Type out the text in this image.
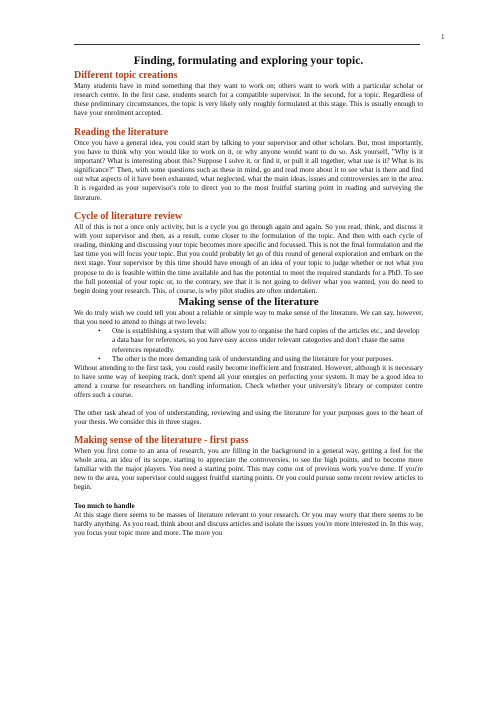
1
Finding, formulating and exploring your topic.
Different topic creations

Many students have in mind something that they want to work on; others want to work with a particular scholar or research centre. In the first case, students search for a compatible supervisor. In the second, for a topic. Regardless of these preliminary circumstances, the topic is very likely only roughly formulated at this stage. This is usually enough to have your enrolment accepted.

Reading the literature

Once you have a general idea, you could start by talking to your supervisor and other scholars. But, most importantly, you have to think why you would like to work on it, or why anyone would want to do so. Ask yourself, "Why is it important? What is interesting about this? Suppose I solve it, or find it, or pull it all together, what use is it? What is its significance?" Then, with some questions such as these in mind, go and read more about it to see what is there and find out what aspects of it have been exhausted, what neglected, what the main ideas, issues and controversies are in the area. It is regarded as your supervisor's role to direct you to the most fruitful starting point in reading and surveying the literature.

Cycle of literature review

All of this is not a once only activity, but is a cycle you go through again and again. So you read, think, and discuss it with your supervisor and then, as a result, come closer to the formulation of the topic. And then with each cycle of reading, thinking and discussing your topic becomes more specific and focussed. This is not the final formulation and the last time you will focus your topic. But you could probably let go of this round of general exploration and embark on the next stage. Your supervisor by this time should have enough of an idea of your topic to judge whether or not what you propose to do is feasible within the time available and has the potential to meet the required standards for a PhD. To see the full potential of your topic or, to the contrary, see that it is not going to deliver what you wanted, you do need to begin doing your research. This, of course, is why pilot studies are often undertaken.

Making sense of the literature

We do truly wish we could tell you about a reliable or simple way to make sense of the literature. We can say, however, that you need to attend to things at two levels:

• One is establishing a system that will allow you to organise the hard copies of the articles etc., and develop a data base for references, so you have easy access under relevant categories and don't chase the same references repeatedly.
• The other is the more demanding task of understanding and using the literature for your purposes.

Without attending to the first task, you could easily become inefficient and frustrated. However, although it is necessary to have some way of keeping track, don't spend all your energies on perfecting your system. It may be a good idea to attend a course for researchers on handling information. Check whether your university's library or computer centre offers such a course.

The other task ahead of you of understanding, reviewing and using the literature for your purposes goes to the heart of your thesis. We consider this in three stages.

Making sense of the literature - first pass

When you first come to an area of research, you are filling in the background in a general way, getting a feel for the whole area, an idea of its scope, starting to appreciate the controversies, to see the high points, and to become more familiar with the major players. You need a starting point. This may come out of previous work you've done. If you're new to the area, your supervisor could suggest fruitful starting points. Or you could pursue some recent review articles to begin.

Too much to handle

At this stage there seems to be masses of literature relevant to your research. Or you may worry that there seems to be hardly anything. As you read, think about and discuss articles and isolate the issues you're more interested in. In this way, you focus your topic more and more. The more you
